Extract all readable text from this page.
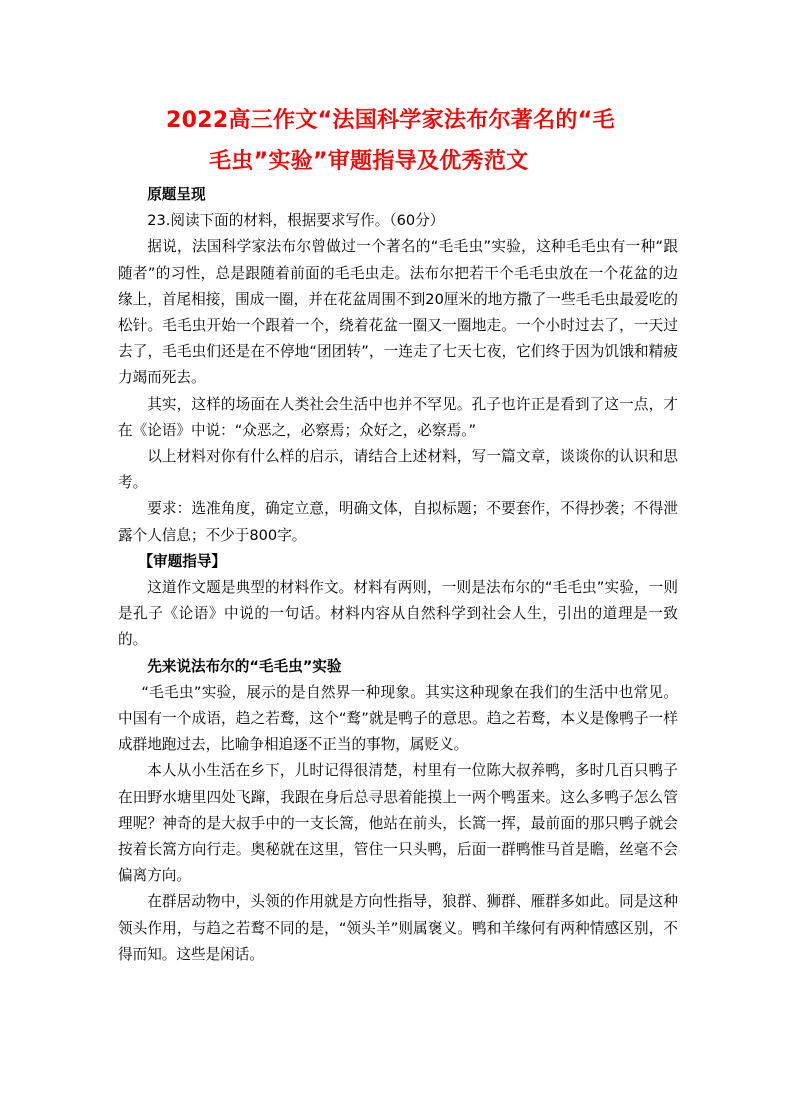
2022高三作文“法国科学家法布尔著名的“毛
毛虫”实验”审题指导及优秀范文

原题呈现

23.阅读下面的材料，根据要求写作。（60分）

据说，法国科学家法布尔曾做过一个著名的“毛毛虫”实验，这种毛毛虫有一种“跟随者”的习性，总是跟随着前面的毛毛虫走。法布尔把若干个毛毛虫放在一个花盆的边缘上，首尾相接，围成一圈，并在花盆周围不到20厘米的地方撒了一些毛毛虫最爱吃的松针。毛毛虫开始一个跟着一个，绕着花盆一圈又一圈地走。一个小时过去了，一天过去了，毛毛虫们还是在不停地“团团转”，一连走了七天七夜，它们终于因为饥饿和精疲力竭而死去。

其实，这样的场面在人类社会生活中也并不罕见。孔子也许正是看到了这一点，才在《论语》中说：“众恶之，必察焉；众好之，必察焉。”

以上材料对你有什么样的启示，请结合上述材料，写一篇文章，谈谈你的认识和思考。

要求：选准角度，确定立意，明确文体，自拟标题；不要套作，不得抄袭；不得泄露个人信息；不少于800字。

【审题指导】

这道作文题是典型的材料作文。材料有两则，一则是法布尔的“毛毛虫”实验，一则是孔子《论语》中说的一句话。材料内容从自然科学到社会人生，引出的道理是一致的。

先来说法布尔的“毛毛虫”实验

“毛毛虫”实验，展示的是自然界一种现象。其实这种现象在我们的生活中也常见。中国有一个成语，趋之若鹜，这个“鹜”就是鸭子的意思。趋之若鹜，本义是像鸭子一样成群地跑过去，比喻争相追逐不正当的事物，属贬义。

本人从小生活在乡下，儿时记得很清楚，村里有一位陈大叔养鸭，多时几百只鸭子在田野水塘里四处飞蹿，我跟在身后总寻思着能摸上一两个鸭蛋来。这么多鸭子怎么管理呢？神奇的是大叔手中的一支长篙，他站在前头，长篙一挥，最前面的那只鸭子就会按着长篙方向行走。奥秘就在这里，管住一只头鸭，后面一群鸭惟马首是瞻，丝毫不会偏离方向。

在群居动物中，头领的作用就是方向性指导，狼群、狮群、雁群多如此。同是这种领头作用，与趋之若鹜不同的是，“领头羊”则属褒义。鸭和羊缘何有两种情感区别，不得而知。这些是闲话。
